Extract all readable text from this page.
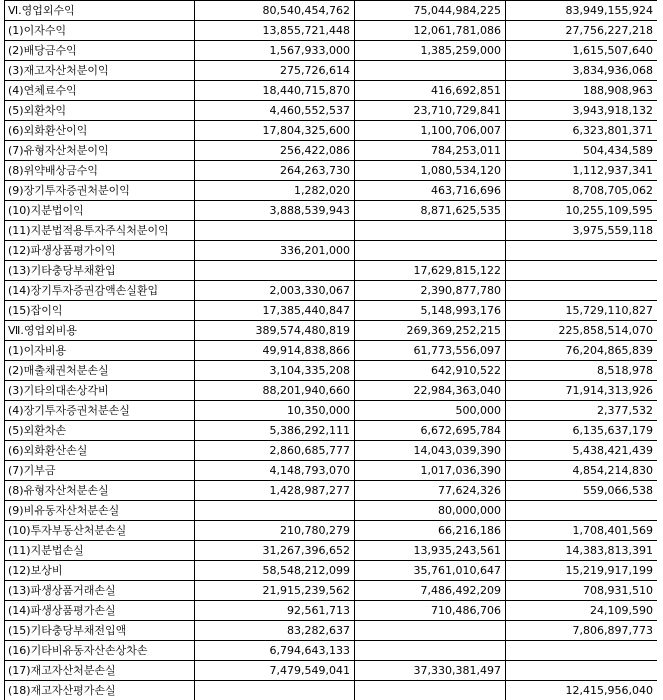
Ⅵ.영업외수익	80,540,454,762	75,044,984,225	83,949,155,924
(1)이자수익	13,855,721,448	12,061,781,086	27,756,227,218
(2)배당금수익	1,567,933,000	1,385,259,000	1,615,507,640
(3)재고자산처분이익	275,726,614		3,834,936,068
(4)연체료수익	18,440,715,870	416,692,851	188,908,963
(5)외환차익	4,460,552,537	23,710,729,841	3,943,918,132
(6)외화환산이익	17,804,325,600	1,100,706,007	6,323,801,371
(7)유형자산처분이익	256,422,086	784,253,011	504,434,589
(8)위약배상금수익	264,263,730	1,080,534,120	1,112,937,341
(9)장기투자증권처분이익	1,282,020	463,716,696	8,708,705,062
(10)지분법이익	3,888,539,943	8,871,625,535	10,255,109,595
(11)지분법적용투자주식처분이익			3,975,559,118
(12)파생상품평가이익	336,201,000		
(13)기타충당부채환입		17,629,815,122	
(14)장기투자증권감액손실환입	2,003,330,067	2,390,877,780	
(15)잡이익	17,385,440,847	5,148,993,176	15,729,110,827
Ⅶ.영업외비용	389,574,480,819	269,369,252,215	225,858,514,070
(1)이자비용	49,914,838,866	61,773,556,097	76,204,865,839
(2)매출채권처분손실	3,104,335,208	642,910,522	8,518,978
(3)기타의대손상각비	88,201,940,660	22,984,363,040	71,914,313,926
(4)장기투자증권처분손실	10,350,000	500,000	2,377,532
(5)외환차손	5,386,292,111	6,672,695,784	6,135,637,179
(6)외화환산손실	2,860,685,777	14,043,039,390	5,438,421,439
(7)기부금	4,148,793,070	1,017,036,390	4,854,214,830
(8)유형자산처분손실	1,428,987,277	77,624,326	559,066,538
(9)비유동자산처분손실		80,000,000	
(10)투자부동산처분손실	210,780,279	66,216,186	1,708,401,569
(11)지분법손실	31,267,396,652	13,935,243,561	14,383,813,391
(12)보상비	58,548,212,099	35,761,010,647	15,219,917,199
(13)파생상품거래손실	21,915,239,562	7,486,492,209	708,931,510
(14)파생상품평가손실	92,561,713	710,486,706	24,109,590
(15)기타충당부채전입액	83,282,637		7,806,897,773
(16)기타비유동자산손상차손	6,794,643,133		
(17)재고자산처분손실	7,479,549,041	37,330,381,497	
(18)재고자산평가손실			12,415,956,040
